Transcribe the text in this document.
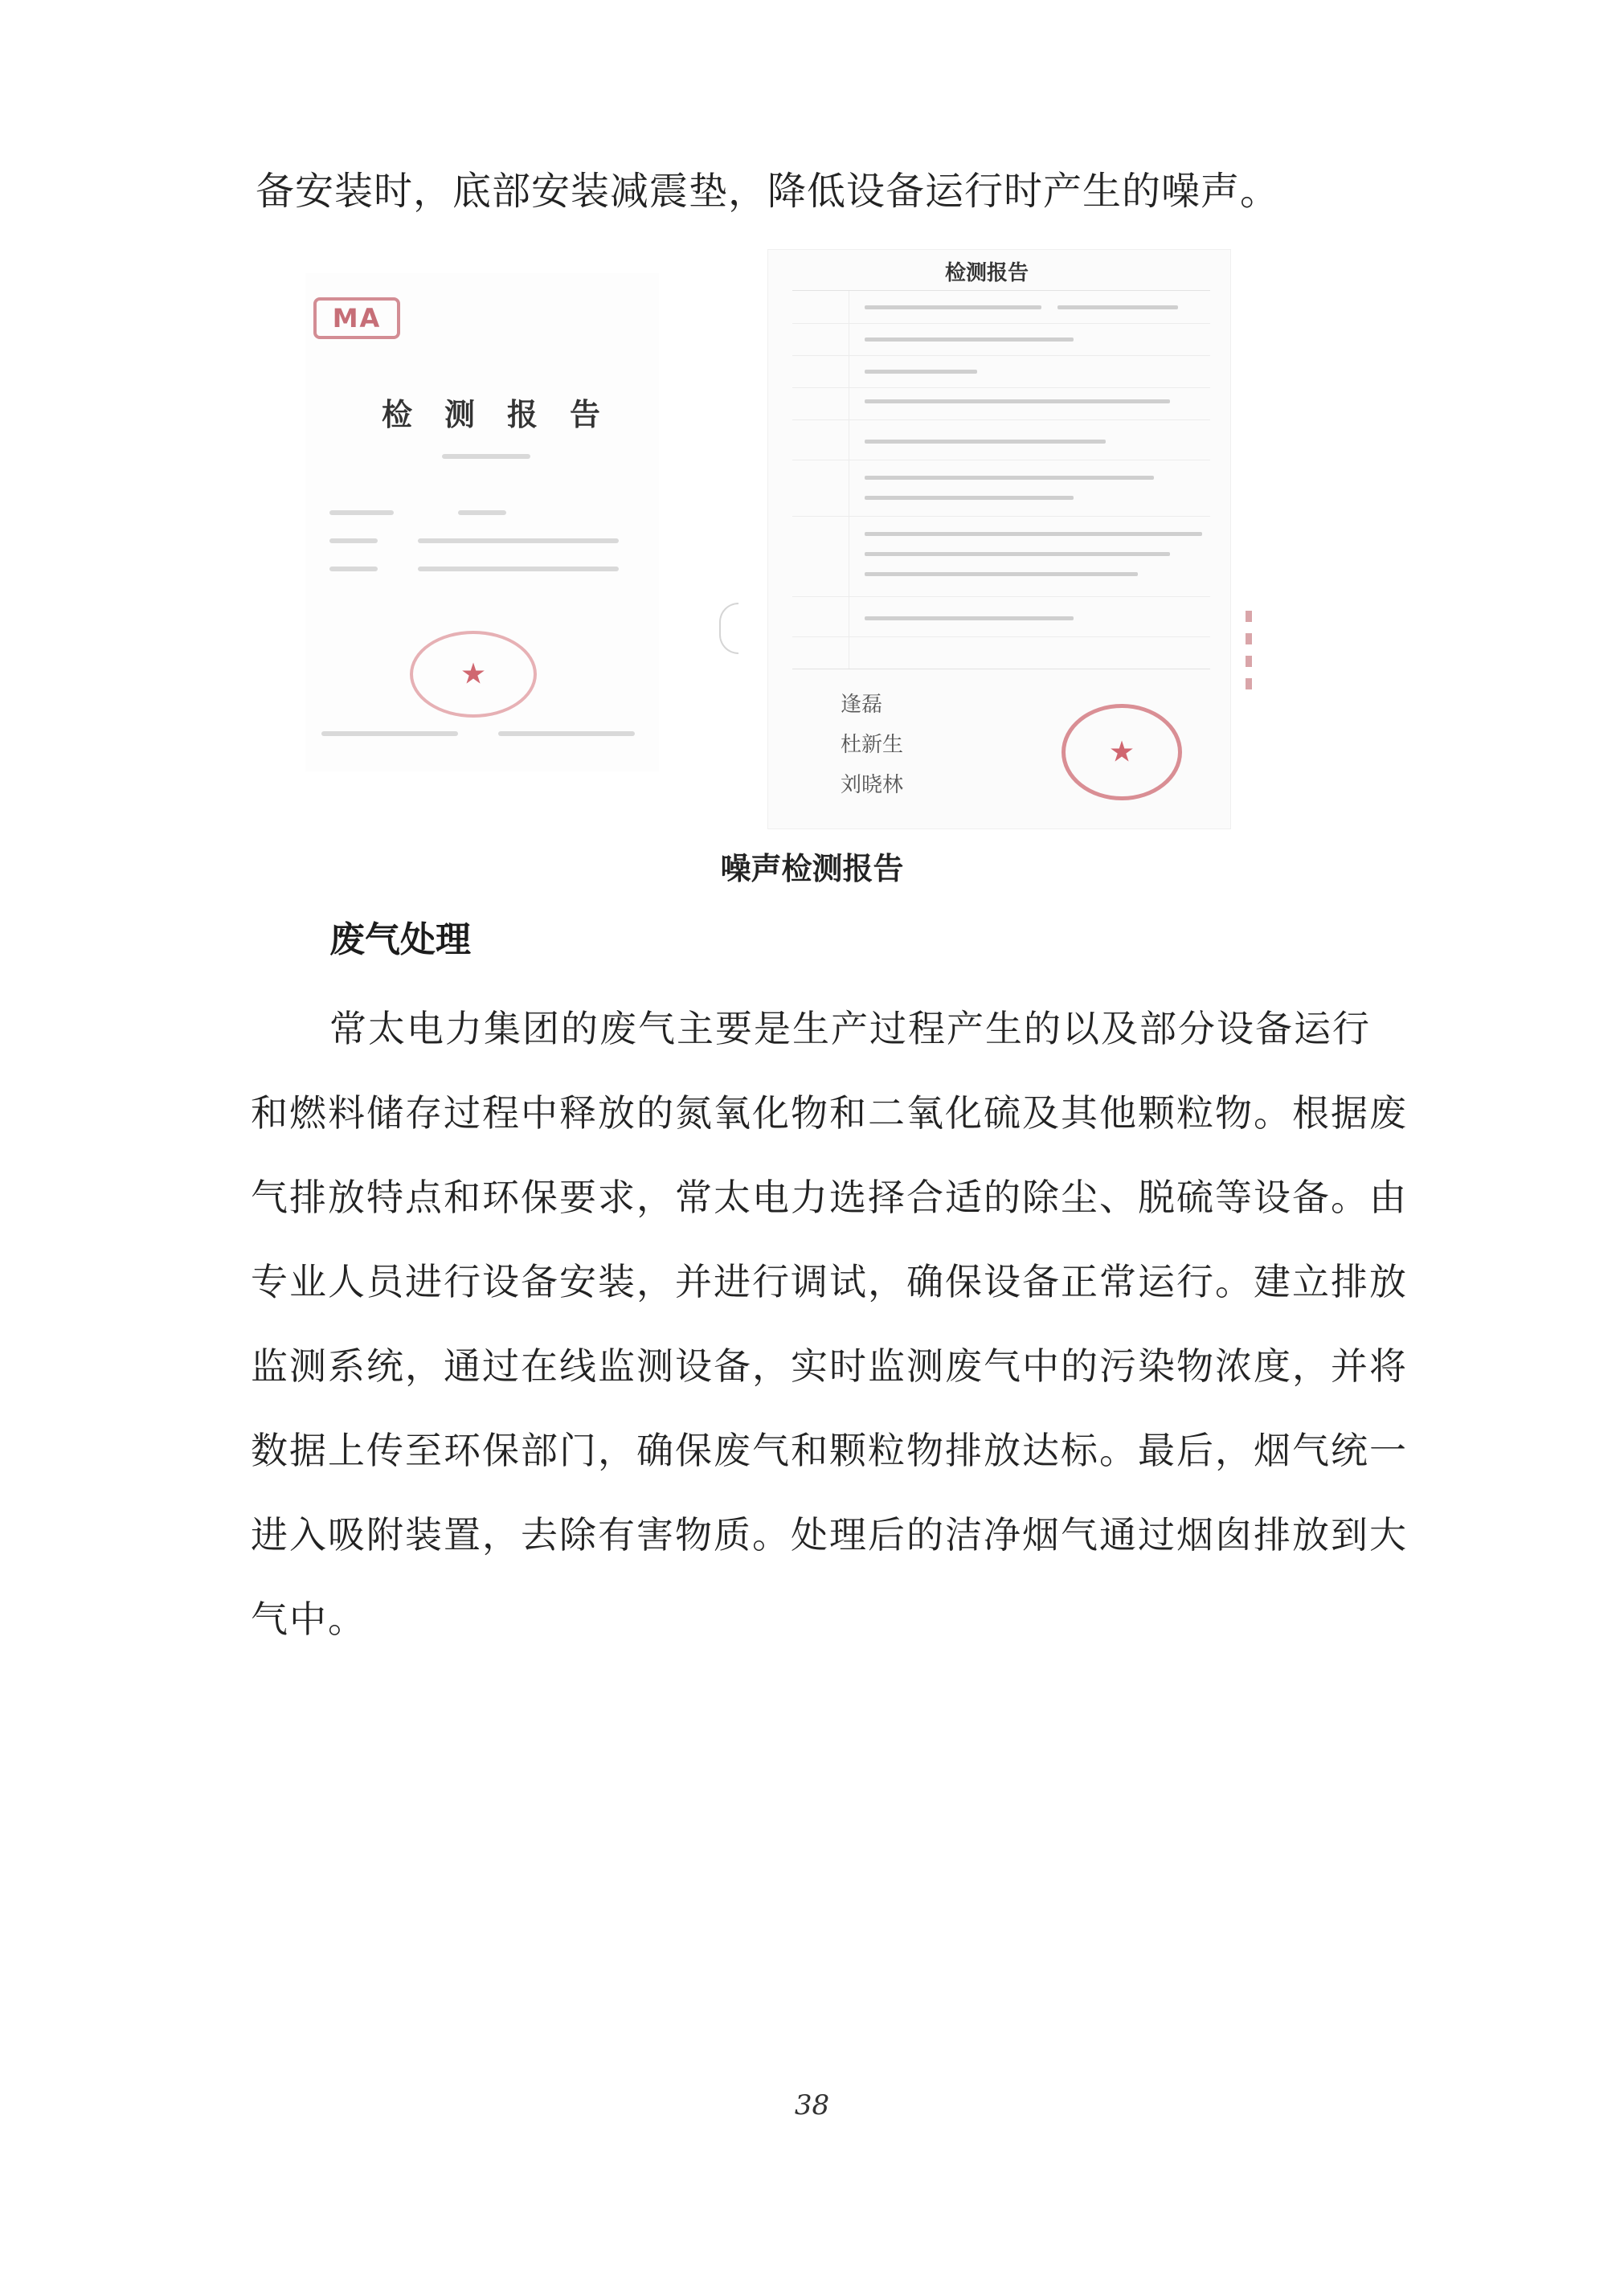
备安装时，底部安装减震垫，降低设备运行时产生的噪声。
MA
检测报告
★
检测报告
逢磊
杜新生
刘晓林
★
噪声检测报告
废气处理
常太电力集团的废气主要是生产过程产生的以及部分设备运行
和燃料储存过程中释放的氮氧化物和二氧化硫及其他颗粒物。根据废
气排放特点和环保要求，常太电力选择合适的除尘、脱硫等设备。由
专业人员进行设备安装，并进行调试，确保设备正常运行。建立排放
监测系统，通过在线监测设备，实时监测废气中的污染物浓度，并将
数据上传至环保部门，确保废气和颗粒物排放达标。最后，烟气统一
进入吸附装置，去除有害物质。处理后的洁净烟气通过烟囱排放到大
气中。
38
